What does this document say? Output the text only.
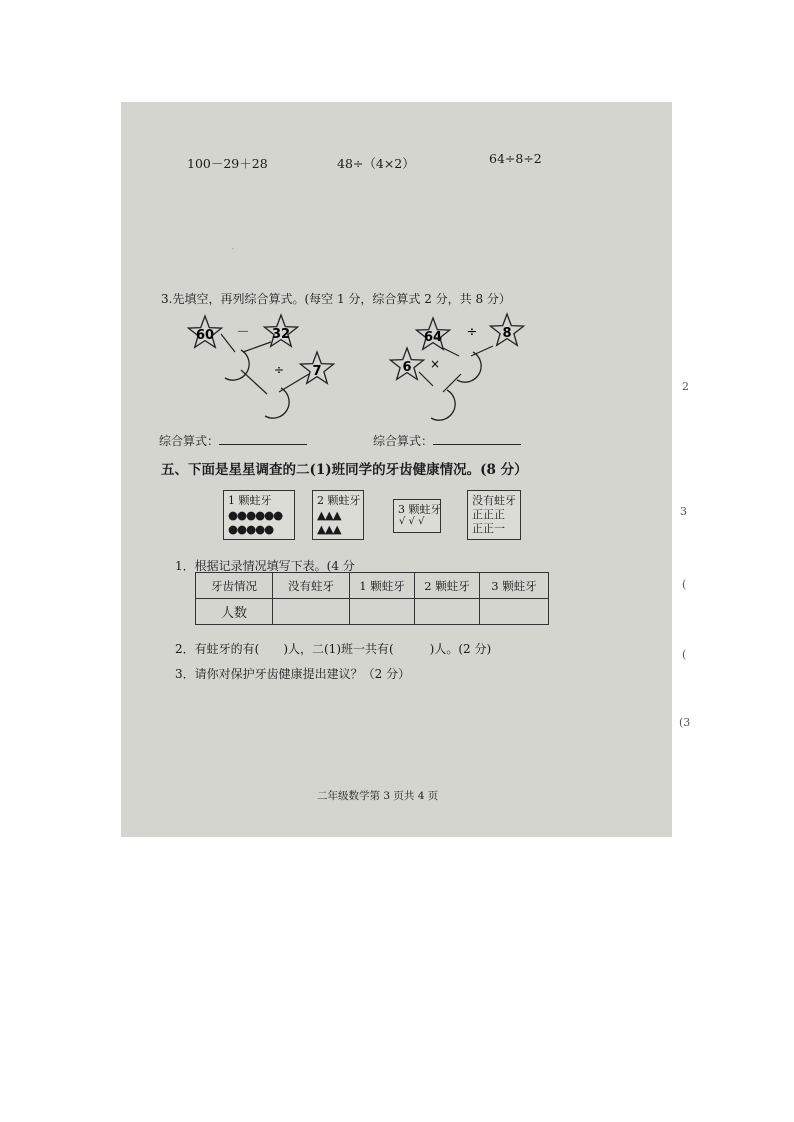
·　　　　　　　　　　　　
100－29＋28	48÷（4×2）	64÷8÷2
3.先填空，再列综合算式。(每空 1 分，综合算式 2 分，共 8 分）
60 － 32
÷ 7
64 ÷ 8
6 ×
综合算式：	综合算式：
五、下面是星星调查的二(1)班同学的牙齿健康情况。(8 分）
1 颗蛀牙
●●●●●●
●●●●●
2 颗蛀牙
▲▲▲
▲▲▲
3 颗蛀牙
√ √ √
没有蛀牙
正正正
正正一
1．根据记录情况填写下表。(4 分
2．有蛀牙的有(　　)人，二(1)班一共有(　　　)人。(2 分)
3．请你对保护牙齿健康提出建议？（2 分）
二年级数学第 3 页共 4 页
牙齿情况	没有蛀牙	1 颗蛀牙	2 颗蛀牙	3 颗蛀牙
人数				
2
3
(
(
(3
